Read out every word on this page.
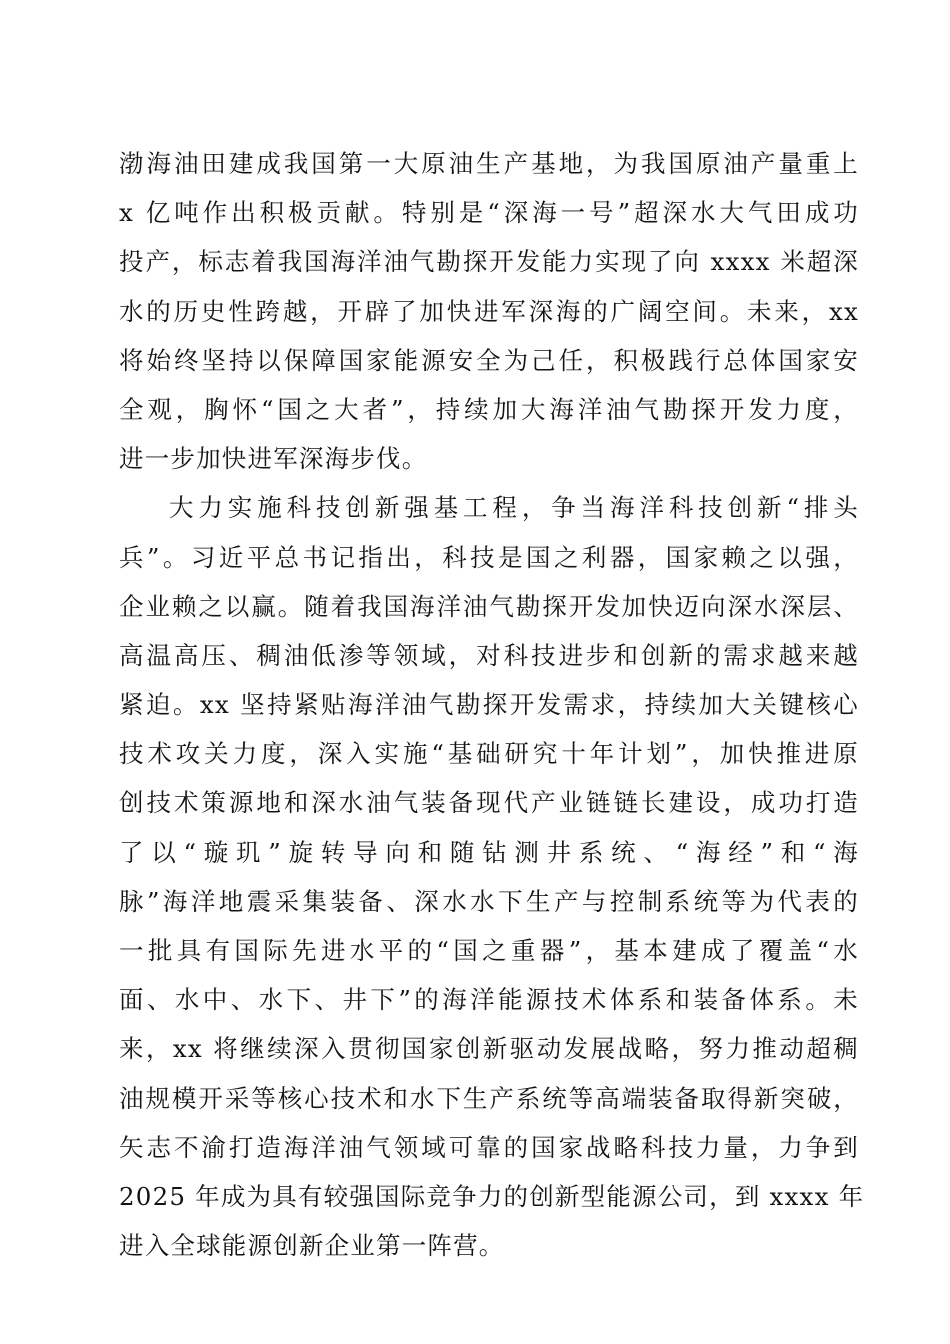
渤海油田建成我国第一大原油生产基地，为我国原油产量重上
x 亿吨作出积极贡献。特别是“深海一号”超深水大气田成功
投产，标志着我国海洋油气勘探开发能力实现了向 xxxx 米超深
水的历史性跨越，开辟了加快进军深海的广阔空间。未来，xx
将始终坚持以保障国家能源安全为己任，积极践行总体国家安
全观，胸怀“国之大者”，持续加大海洋油气勘探开发力度，
进一步加快进军深海步伐。
大力实施科技创新强基工程，争当海洋科技创新“排头
兵”。习近平总书记指出，科技是国之利器，国家赖之以强，
企业赖之以赢。随着我国海洋油气勘探开发加快迈向深水深层、
高温高压、稠油低渗等领域，对科技进步和创新的需求越来越
紧迫。xx 坚持紧贴海洋油气勘探开发需求，持续加大关键核心
技术攻关力度，深入实施“基础研究十年计划”，加快推进原
创技术策源地和深水油气装备现代产业链链长建设，成功打造
了以“璇玑”旋转导向和随钻测井系统、“海经”和“海
脉”海洋地震采集装备、深水水下生产与控制系统等为代表的
一批具有国际先进水平的“国之重器”，基本建成了覆盖“水
面、水中、水下、井下”的海洋能源技术体系和装备体系。未
来，xx 将继续深入贯彻国家创新驱动发展战略，努力推动超稠
油规模开采等核心技术和水下生产系统等高端装备取得新突破，
矢志不渝打造海洋油气领域可靠的国家战略科技力量，力争到
2025 年成为具有较强国际竞争力的创新型能源公司，到 xxxx 年
进入全球能源创新企业第一阵营。
